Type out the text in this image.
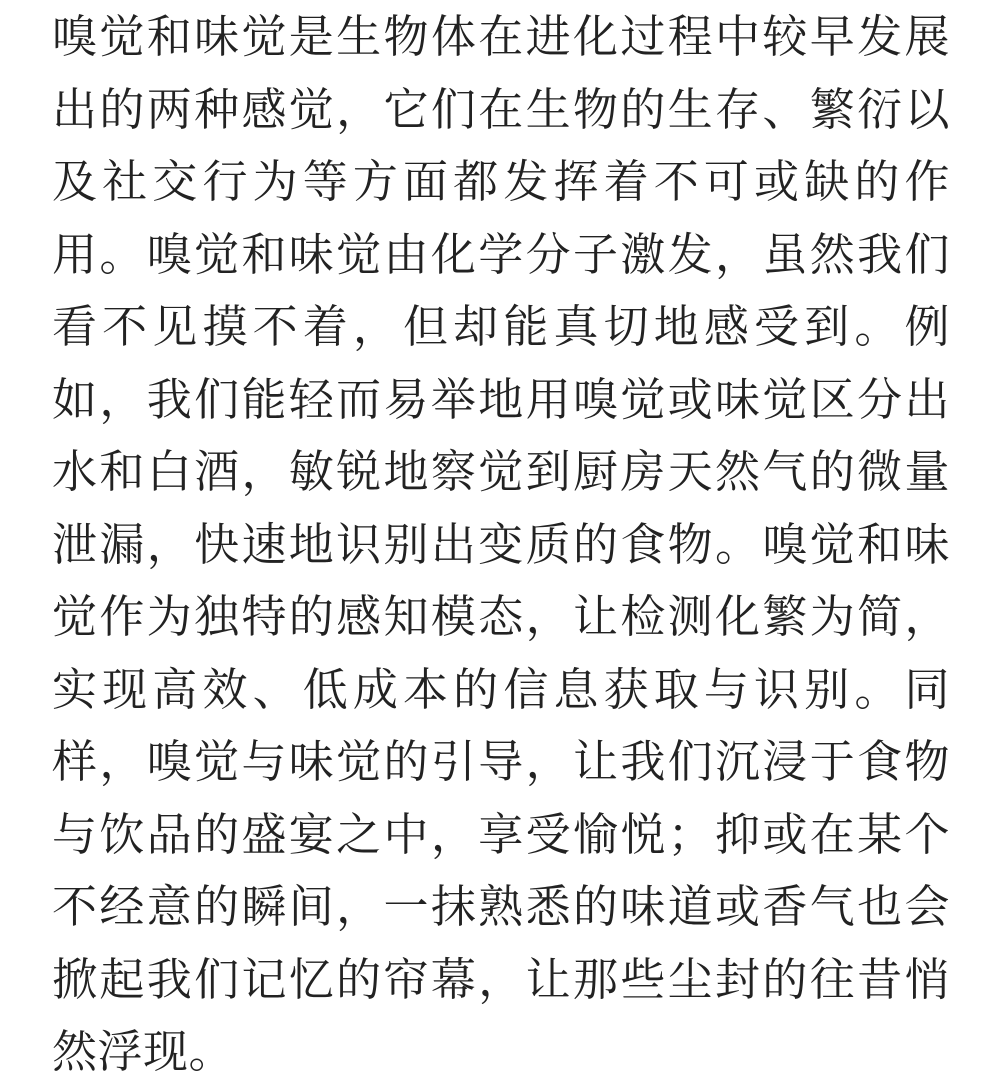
嗅觉和味觉是生物体在进化过程中较早发展
出的两种感觉，它们在生物的生存、繁衍以
及社交行为等方面都发挥着不可或缺的作
用。嗅觉和味觉由化学分子激发，虽然我们
看不见摸不着，但却能真切地感受到。例
如，我们能轻而易举地用嗅觉或味觉区分出
水和白酒，敏锐地察觉到厨房天然气的微量
泄漏，快速地识别出变质的食物。嗅觉和味
觉作为独特的感知模态，让检测化繁为简，
实现高效、低成本的信息获取与识别。同
样，嗅觉与味觉的引导，让我们沉浸于食物
与饮品的盛宴之中，享受愉悦；抑或在某个
不经意的瞬间，一抹熟悉的味道或香气也会
掀起我们记忆的帘幕，让那些尘封的往昔悄
然浮现。
